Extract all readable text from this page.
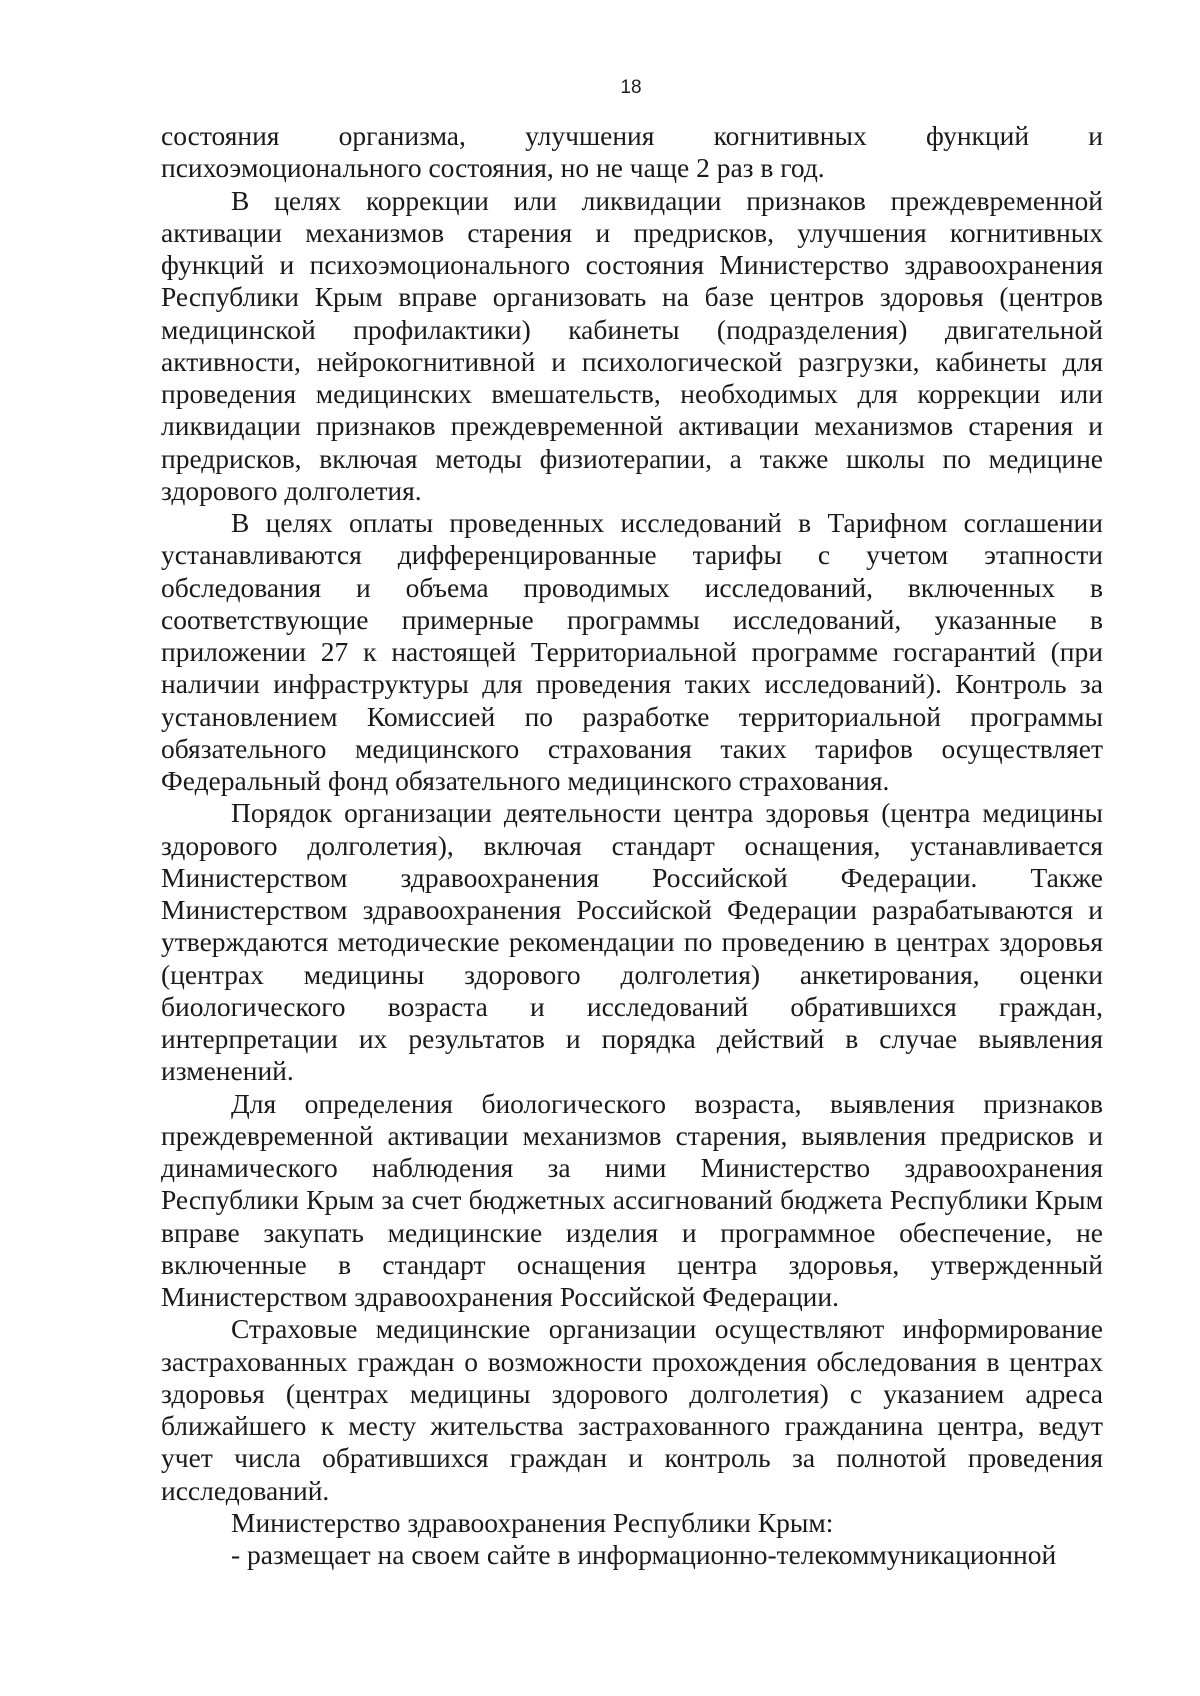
18

состояния организма, улучшения когнитивных функций и психоэмоционального состояния, но не чаще 2 раз в год.

В целях коррекции или ликвидации признаков преждевременной активации механизмов старения и предрисков, улучшения когнитивных функций и психоэмоционального состояния Министерство здравоохранения Республики Крым вправе организовать на базе центров здоровья (центров медицинской профилактики) кабинеты (подразделения) двигательной активности, нейрокогнитивной и психологической разгрузки, кабинеты для проведения медицинских вмешательств, необходимых для коррекции или ликвидации признаков преждевременной активации механизмов старения и предрисков, включая методы физиотерапии, а также школы по медицине здорового долголетия.

В целях оплаты проведенных исследований в Тарифном соглашении устанавливаются дифференцированные тарифы с учетом этапности обследования и объема проводимых исследований, включенных в соответствующие примерные программы исследований, указанные в приложении 27 к настоящей Территориальной программе госгарантий (при наличии инфраструктуры для проведения таких исследований). Контроль за установлением Комиссией по разработке территориальной программы обязательного медицинского страхования таких тарифов осуществляет Федеральный фонд обязательного медицинского страхования.

Порядок организации деятельности центра здоровья (центра медицины здорового долголетия), включая стандарт оснащения, устанавливается Министерством здравоохранения Российской Федерации. Также Министерством здравоохранения Российской Федерации разрабатываются и утверждаются методические рекомендации по проведению в центрах здоровья (центрах медицины здорового долголетия) анкетирования, оценки биологического возраста и исследований обратившихся граждан, интерпретации их результатов и порядка действий в случае выявления изменений.

Для определения биологического возраста, выявления признаков преждевременной активации механизмов старения, выявления предрисков и динамического наблюдения за ними Министерство здравоохранения Республики Крым за счет бюджетных ассигнований бюджета Республики Крым вправе закупать медицинские изделия и программное обеспечение, не включенные в стандарт оснащения центра здоровья, утвержденный Министерством здравоохранения Российской Федерации.

Страховые медицинские организации осуществляют информирование застрахованных граждан о возможности прохождения обследования в центрах здоровья (центрах медицины здорового долголетия) с указанием адреса ближайшего к месту жительства застрахованного гражданина центра, ведут учет числа обратившихся граждан и контроль за полнотой проведения исследований.

Министерство здравоохранения Республики Крым:

- размещает на своем сайте в информационно-телекоммуникационной
